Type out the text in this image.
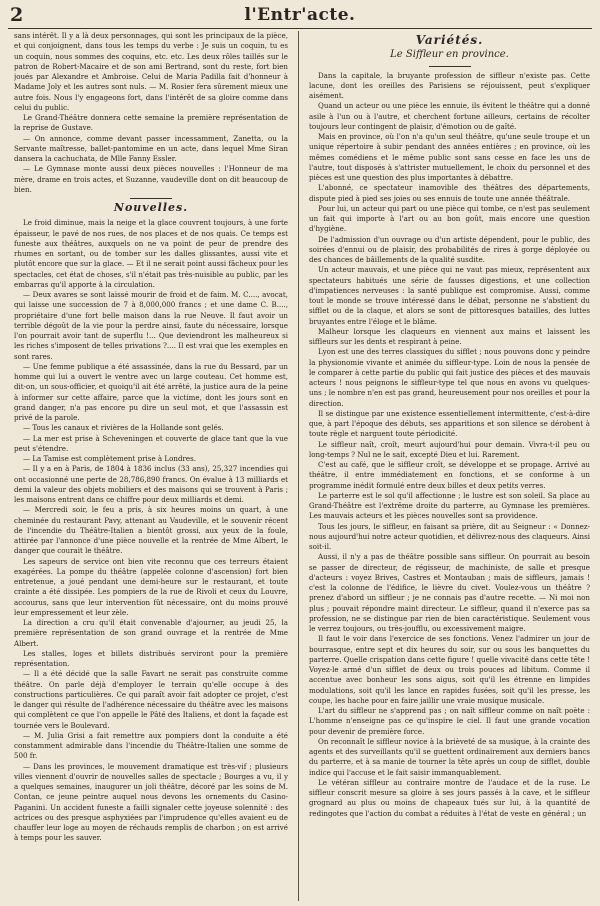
2	l'Entr'acte.

sans intérêt. Il y a là deux personnages, qui sont les principaux de la pièce, et qui conjoignent, dans tous les temps du verbe : Je suis un coquin, tu es un coquin, nous sommes des coquins, etc. etc. Les deux rôles taillés sur le patron de Robert-Macaire et de son ami Bertrand, sont du reste, fort bien joués par Alexandre et Ambroise. Celui de Maria Padilla fait d'honneur à Madame Joly et les autres sont nuls. — M. Rosier fera sûrement mieux une autre fois. Nous l'y engageons fort, dans l'intérêt de sa gloire comme dans celui du public.

Le Grand-Théâtre donnera cette semaine la première représentation de la reprise de Gustave.

— On annonce, comme devant passer incessamment, Zanetta, ou la Servante maîtresse, ballet-pantomime en un acte, dans lequel Mme Siran dansera la cachuchata, de Mlle Fanny Essler.

— Le Gymnase monte aussi deux pièces nouvelles : l'Honneur de ma mère, drame en trois actes, et Suzanne, vaudeville dont on dit beaucoup de bien.

Nouvelles.

Le froid diminue, mais la neige et la glace couvrent toujours, à une forte épaisseur, le pavé de nos rues, de nos places et de nos quais. Ce temps est funeste aux théâtres, auxquels on ne va point de peur de prendre des rhumes en sortant, ou de tomber sur les dalles glissantes, aussi vite et plutôt encore que sur la glace. — Et il ne serait point aussi fâcheux pour les spectacles, cet état de choses, s'il n'était pas très-nuisible au public, par les embarras qu'il apporte à la circulation.

— Deux avares se sont laissé mourir de froid et de faim. M. C...., avocat, qui laisse une succession de 7 à 8,000,000 francs ; et une dame C. B...., propriétaire d'une fort belle maison dans la rue Neuve. Il faut avoir un terrible dégoût de la vie pour la perdre ainsi, faute du nécessaire, lorsque l'on pourrait avoir tant de superflu !... Que deviendront les malheureux si les riches s'imposent de telles privations ?.... Il est vrai que les exemples en sont rares.

— Une femme publique a été assassinée, dans la rue du Bessard, par un homme qui lui a ouvert le ventre avec un large couteau. Cet homme est, dit-on, un sous-officier, et quoiqu'il ait été arrêté, la justice aura de la peine à informer sur cette affaire, parce que la victime, dont les jours sont en grand danger, n'a pas encore pu dire un seul mot, et que l'assassin est privé de la parole.

— Tous les canaux et rivières de la Hollande sont gelés.

— La mer est prise à Scheveningen et couverte de glace tant que la vue peut s'étendre.

— La Tamise est complètement prise à Londres.

— Il y a en à Paris, de 1804 à 1836 inclus (33 ans), 25,327 incendies qui ont occasionné une perte de 28,786,890 francs. On évalue à 13 milliards et demi la valeur des objets mobiliers et des maisons qui se trouvent à Paris ; les maisons entrent dans ce chiffre pour deux milliards et demi.

— Mercredi soir, le feu a pris, à six heures moins un quart, à une cheminée du restaurant Pavy, attenant au Vaudeville, et le souvenir récent de l'incendie du Théâtre-Italien a bientôt grossi, aux yeux de la foule, attirée par l'annonce d'une pièce nouvelle et la rentrée de Mme Albert, le danger que courait le théâtre.

Les sapeurs de service ont bien vite reconnu que ces terreurs étaient exagérées. La pompe du théâtre (appelée colonne d'ascension) fort bien entretenue, a joué pendant une demi-heure sur le restaurant, et toute crainte a été dissipée. Les pompiers de la rue de Rivoli et ceux du Louvre, accourus, sans que leur intervention fût nécessaire, ont du moins prouvé leur empressement et leur zèle.

La direction a cru qu'il était convenable d'ajourner, au jeudi 25, la première représentation de son grand ouvrage et la rentrée de Mme Albert.

Les stalles, loges et billets distribués serviront pour la première représentation.

— Il a été décidé que la salle Favart ne serait pas construite comme théâtre. On parle déjà d'employer le terrain qu'elle occupe à des constructions particulières. Ce qui paraît avoir fait adopter ce projet, c'est le danger qui résulte de l'adhérence nécessaire du théâtre avec les maisons qui complètent ce que l'on appelle le Pâté des Italiens, et dont la façade est tournée vers le Boulevard.

— M. Julia Grisi a fait remettre aux pompiers dont la conduite a été constamment admirable dans l'incendie du Théâtre-Italien une somme de 500 fr.

— Dans les provinces, le mouvement dramatique est très-vif ; plusieurs villes viennent d'ouvrir de nouvelles salles de spectacle ; Bourges a vu, il y a quelques semaines, inaugurer un joli théâtre, décoré par les soins de M. Contan, ce jeune peintre auquel nous devons les ornements du Casino-Paganini. Un accident funeste a failli signaler cette joyeuse solennité : des actrices ou des presque asphyxiées par l'imprudence qu'elles avaient eu de chauffer leur loge au moyen de réchauds remplis de charbon ; on est arrivé à temps pour les sauver.

Variétés.
Le Siffleur en province.

Dans la capitale, la bruyante profession de siffleur n'existe pas. Cette lacune, dont les oreilles des Parisiens se réjouissent, peut s'expliquer aisément.

Quand un acteur ou une pièce les ennuie, ils évitent le théâtre qui a donné asile à l'un ou à l'autre, et cherchent fortune ailleurs, certains de récolter toujours leur contingent de plaisir, d'émotion ou de gaîté.

Mais en province, où l'on n'a qu'un seul théâtre, qu'une seule troupe et un unique répertoire à subir pendant des années entières ; en province, où les mêmes comédiens et le même public sont sans cesse en face les uns de l'autre, tout disposés à s'attrister mutuellement, le choix du personnel et des pièces est une question des plus importantes à débattre.

L'abonné, ce spectateur inamovible des théâtres des départements, dispute pied à pied ses joies ou ses ennuis de toute une année théâtrale.

Pour lui, un acteur qui part ou une pièce qui tombe, ce n'est pas seulement un fait qui importe à l'art ou au bon goût, mais encore une question d'hygiène.

De l'admission d'un ouvrage ou d'un artiste dépendent, pour le public, des soirées d'ennui ou de plaisir, des probabilités de rires à gorge déployée ou des chances de bâillements de la qualité susdite.

Un acteur mauvais, et une pièce qui ne vaut pas mieux, représentent aux spectateurs habitués une série de fausses digestions, et une collection d'impatiences nerveuses : la santé publique est compromise. Aussi, comme tout le monde se trouve intéressé dans le débat, personne ne s'abstient du sifflet ou de la claque, et alors se sont de pittoresques batailles, des luttes bruyantes entre l'éloge et le blâme.

Malheur lorsque les claqueurs en viennent aux mains et laissent les siffleurs sur les dents et respirant à peine.

Lyon est une des terres classiques du sifflet ; nous pouvons donc y peindre la physionomie vivante et animée du siffleur-type. Loin de nous la pensée de le comparer à cette partie du public qui fait justice des pièces et des mauvais acteurs ! nous peignons le siffleur-type tel que nous en avons vu quelques-uns ; le nombre n'en est pas grand, heureusement pour nos oreilles et pour la direction.

Il se distingue par une existence essentiellement intermittente, c'est-à-dire que, à part l'époque des débuts, ses apparitions et son silence se dérobent à toute règle et narguent toute périodicité.

Le siffleur naît, croît, meurt aujourd'hui pour demain. Vivra-t-il peu ou long-temps ? Nul ne le sait, excepté Dieu et lui. Rarement.

C'est au café, que le siffleur croît, se développe et se propage. Arrivé au théâtre, il entre immédiatement en fonctions, et se conforme à un programme inédit formulé entre deux billes et deux petits verres.

Le parterre est le sol qu'il affectionne ; le lustre est son soleil. Sa place au Grand-Théâtre est l'extrême droite du parterre, au Gymnase les premières. Les mauvais acteurs et les pièces nouvelles sont sa providence.

Tous les jours, le siffleur, en faisant sa prière, dit au Seigneur : « Donnez-nous aujourd'hui notre acteur quotidien, et délivrez-nous des claqueurs. Ainsi soit-il.

Aussi, il n'y a pas de théâtre possible sans siffleur. On pourrait au besoin se passer de directeur, de régisseur, de machiniste, de salle et presque d'acteurs : voyez Brives, Castres et Montauban ; mais de siffleurs, jamais ! c'est la colonne de l'édifice, le lièvre du civet. Voulez-vous un théâtre ? prenez d'abord un siffleur ; je ne connais pas d'autre recette. — Ni moi non plus ; pouvait répondre maint directeur. Le siffleur, quand il n'exerce pas sa profession, ne se distingue par rien de bien caractéristique. Seulement vous le verrez toujours, ou très-joufflu, ou excessivement maigre.

Il faut le voir dans l'exercice de ses fonctions. Venez l'admirer un jour de bourrasque, entre sept et dix heures du soir, sur ou sous les banquettes du parterre. Quelle crispation dans cette figure ! quelle vivacité dans cette tête ! Voyez-le armé d'un sifflet de deux ou trois pouces ad libitum. Comme il accentue avec bonheur les sons aigus, soit qu'il les étrenne en limpides modulations, soit qu'il les lance en rapides fusées, soit qu'il les presse, les coupe, les hache pour en faire jaillir une vraie musique musicale.

L'art du siffleur ne s'apprend pas ; on naît siffleur comme on naît poète : L'homme n'enseigne pas ce qu'inspire le ciel. Il faut une grande vocation pour devenir de première force.

On reconnaît le siffleur novice à la brièveté de sa musique, à la crainte des agents et des surveillants qu'il se guettent ordinairement aux derniers bancs du parterre, et à sa manie de tourner la tête après un coup de sifflet, double indice qui l'accuse et le fait saisir immanquablement.

Le vétéran siffleur au contraire montre de l'audace et de la ruse. Le siffleur conscrit mesure sa gloire à ses jours passés à la cave, et le siffleur grognard au plus ou moins de chapeaux tués sur lui, à la quantité de redingotes que l'action du combat a réduites à l'état de veste en général ; un
